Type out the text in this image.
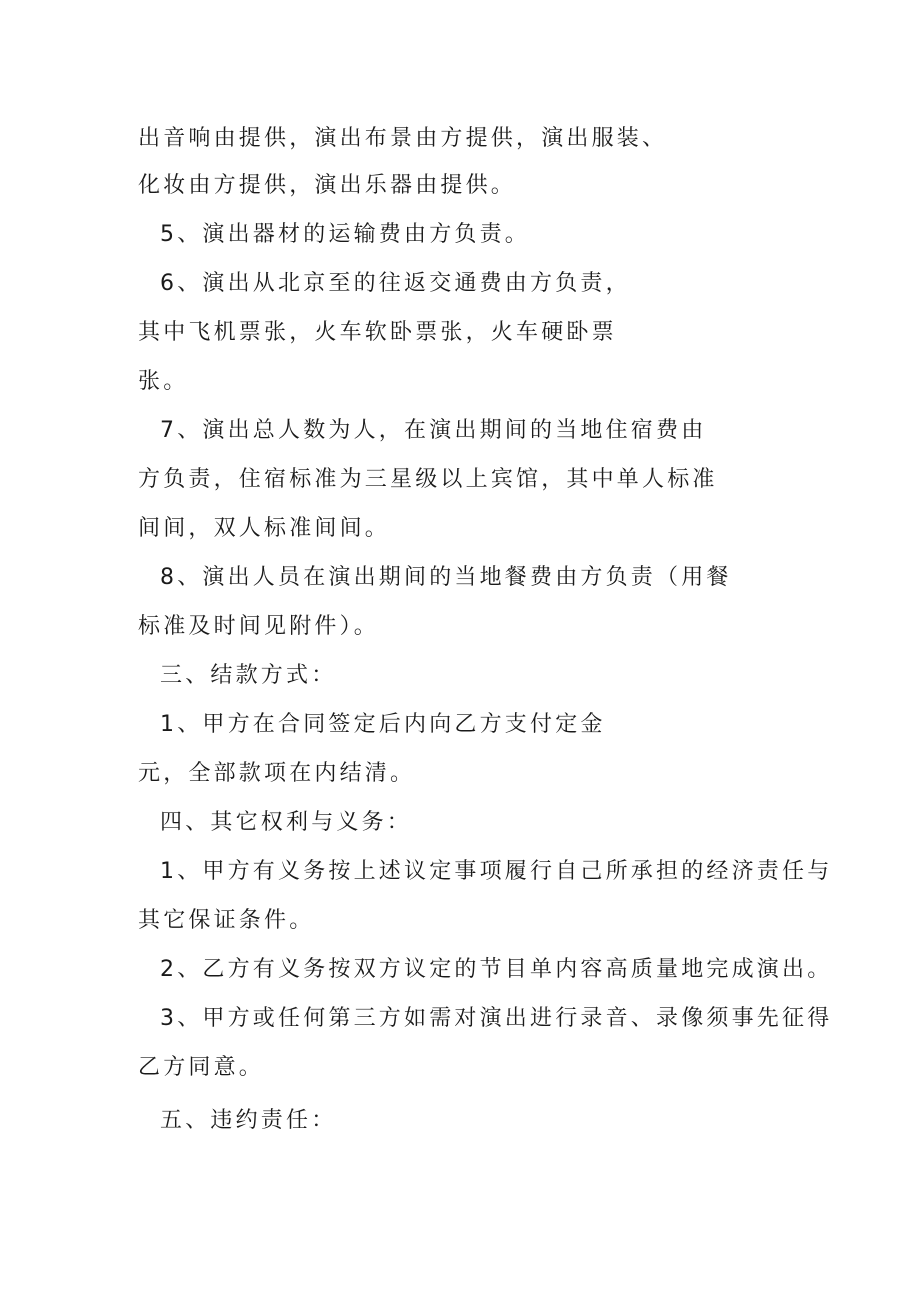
出音响由提供，演出布景由方提供，演出服装、

化妆由方提供，演出乐器由提供。

5、演出器材的运输费由方负责。

6、演出从北京至的往返交通费由方负责，

其中飞机票张，火车软卧票张，火车硬卧票

张。

7、演出总人数为人，在演出期间的当地住宿费由

方负责，住宿标准为三星级以上宾馆，其中单人标准

间间，双人标准间间。

8、演出人员在演出期间的当地餐费由方负责（用餐

标准及时间见附件）。

三、结款方式：

1、甲方在合同签定后内向乙方支付定金

元，全部款项在内结清。

四、其它权利与义务：

1、甲方有义务按上述议定事项履行自己所承担的经济责任与

其它保证条件。

2、乙方有义务按双方议定的节目单内容高质量地完成演出。

3、甲方或任何第三方如需对演出进行录音、录像须事先征得

乙方同意。

五、违约责任：
